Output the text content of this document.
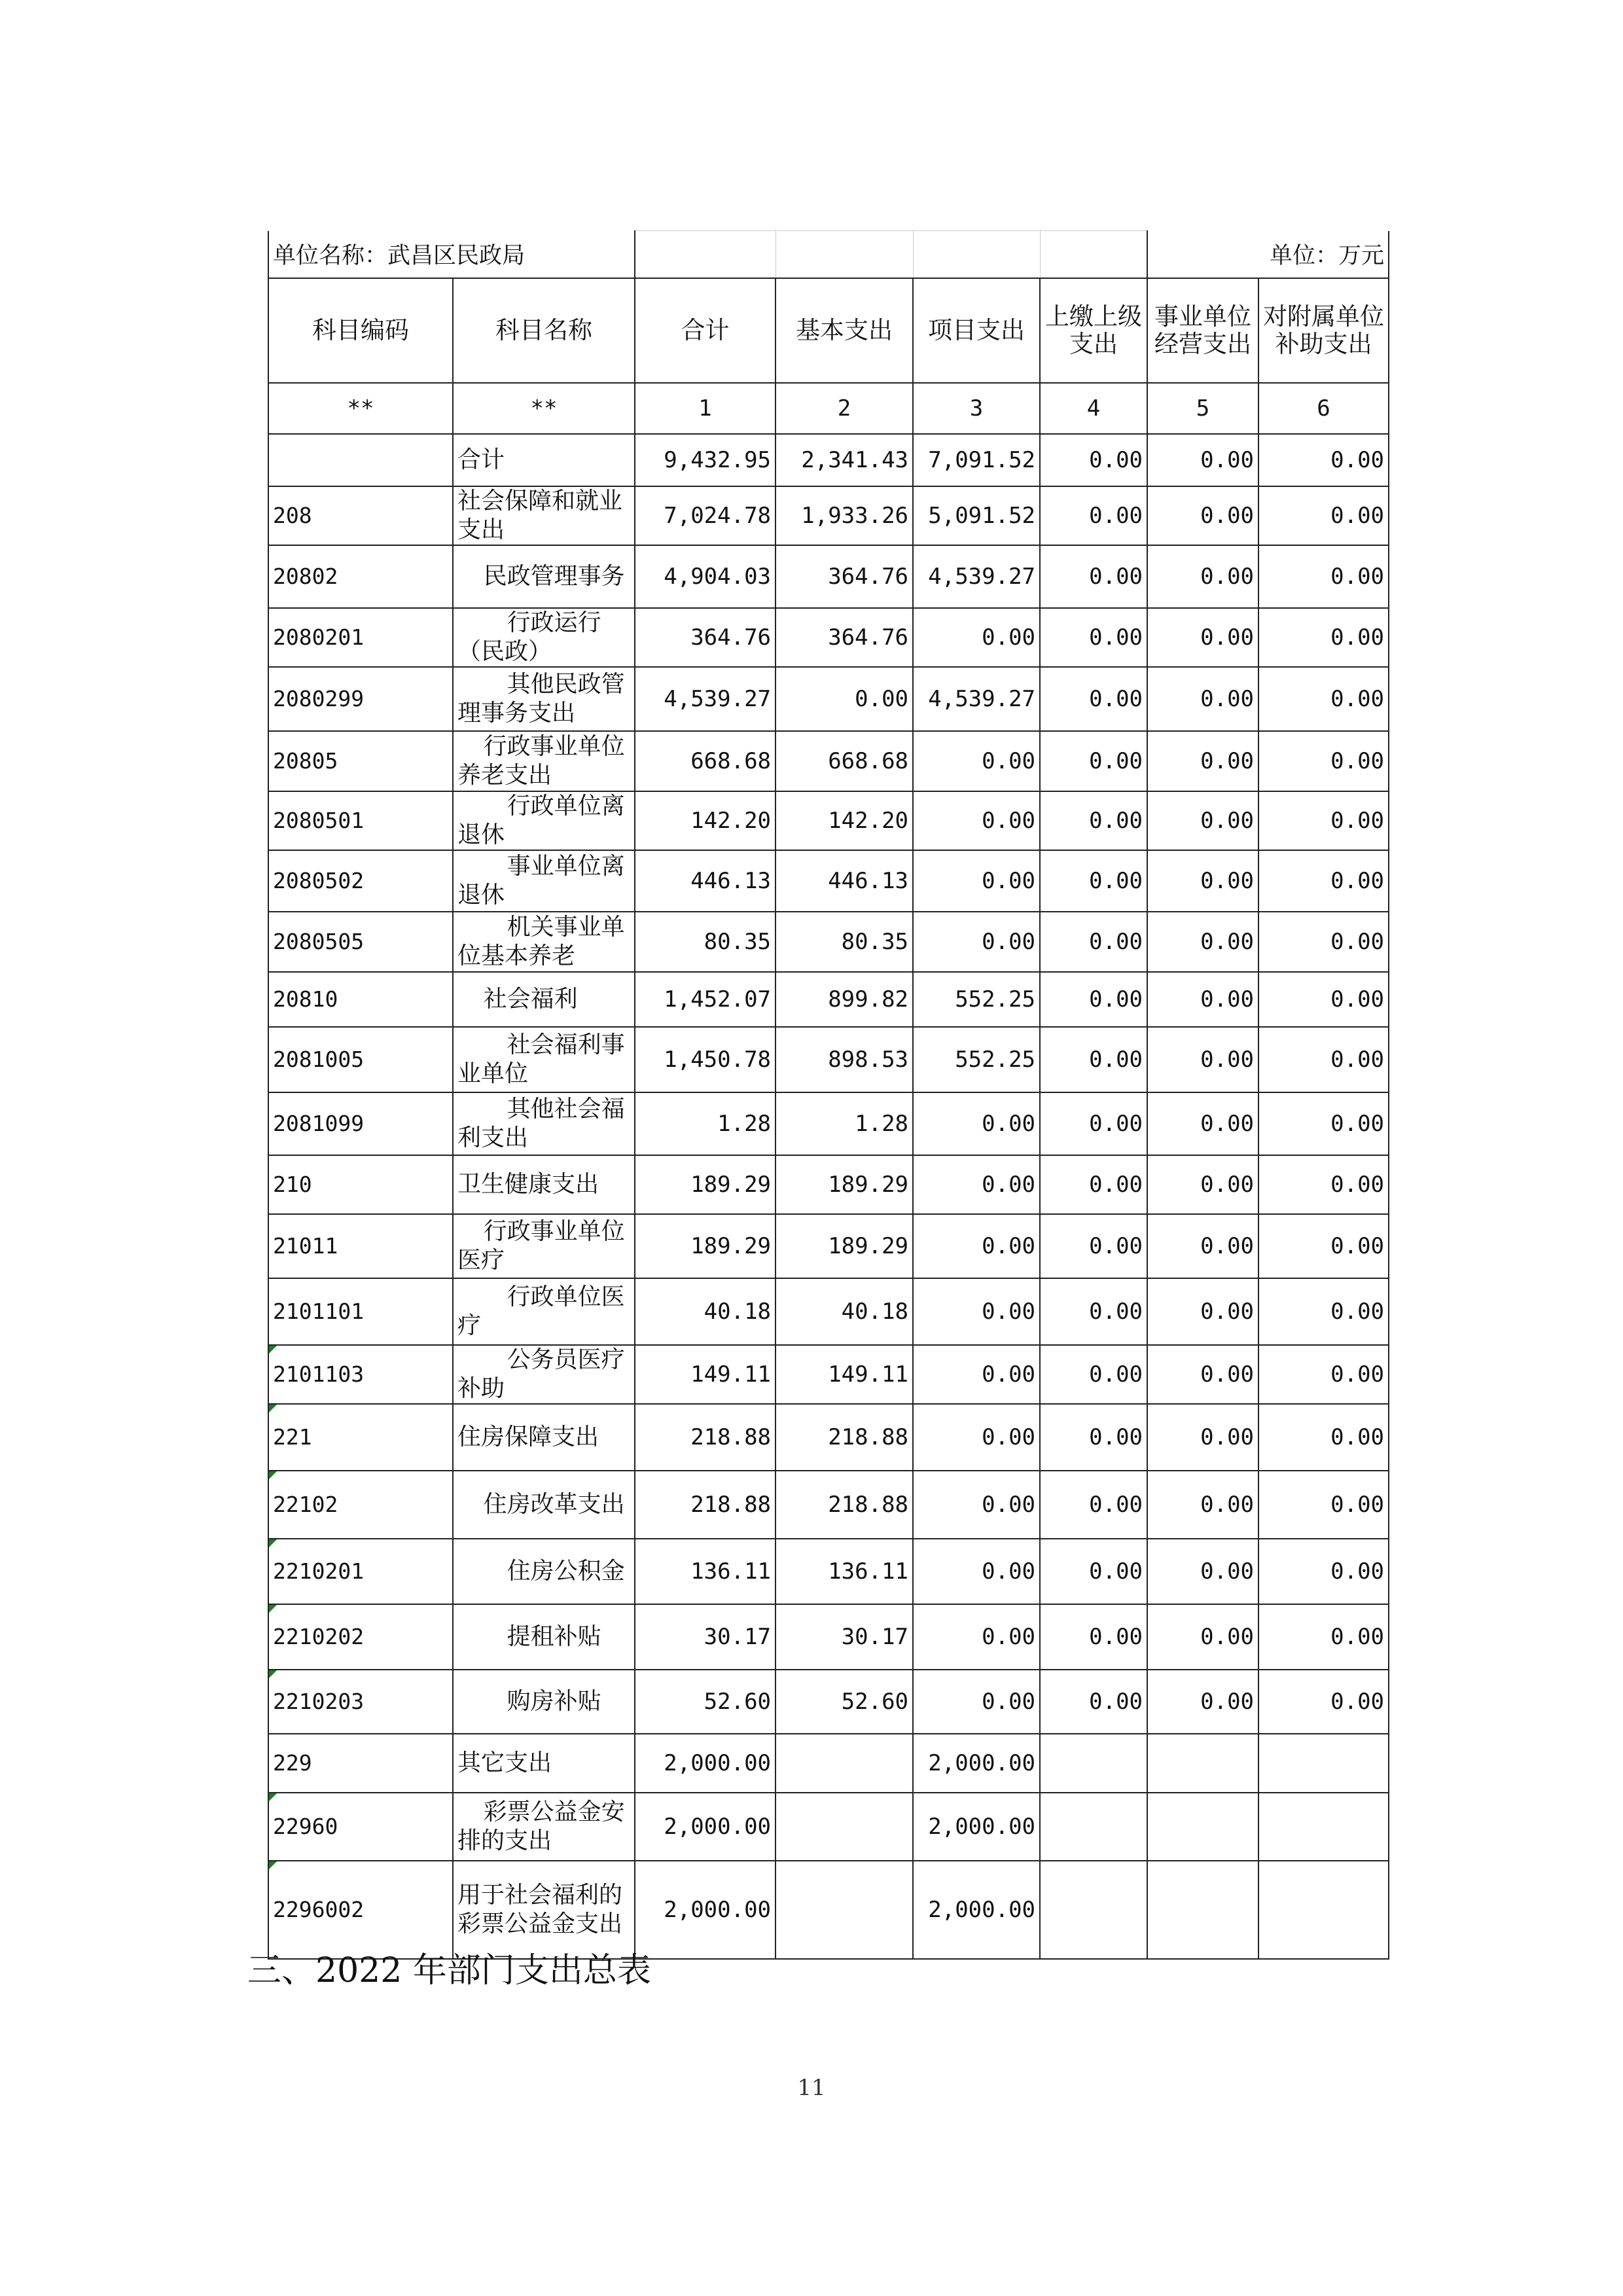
单位名称：武昌区民政局						单位：万元	
科目编码	科目名称	合计	基本支出	项目支出	上缴上级支出	事业单位经营支出	对附属单位补助支出
**	**	1	2	3	4	5	6
	合计	9,432.95	2,341.43	7,091.52	0.00	0.00	0.00
208	社会保障和就业支出	7,024.78	1,933.26	5,091.52	0.00	0.00	0.00
20802	民政管理事务	4,904.03	364.76	4,539.27	0.00	0.00	0.00
2080201	行政运行（民政）	364.76	364.76	0.00	0.00	0.00	0.00
2080299	其他民政管理事务支出	4,539.27	0.00	4,539.27	0.00	0.00	0.00
20805	行政事业单位养老支出	668.68	668.68	0.00	0.00	0.00	0.00
2080501	行政单位离退休	142.20	142.20	0.00	0.00	0.00	0.00
2080502	事业单位离退休	446.13	446.13	0.00	0.00	0.00	0.00
2080505	机关事业单位基本养老	80.35	80.35	0.00	0.00	0.00	0.00
20810	社会福利	1,452.07	899.82	552.25	0.00	0.00	0.00
2081005	社会福利事业单位	1,450.78	898.53	552.25	0.00	0.00	0.00
2081099	其他社会福利支出	1.28	1.28	0.00	0.00	0.00	0.00
210	卫生健康支出	189.29	189.29	0.00	0.00	0.00	0.00
21011	行政事业单位医疗	189.29	189.29	0.00	0.00	0.00	0.00
2101101	行政单位医疗	40.18	40.18	0.00	0.00	0.00	0.00
2101103	公务员医疗补助	149.11	149.11	0.00	0.00	0.00	0.00
221	住房保障支出	218.88	218.88	0.00	0.00	0.00	0.00
22102	住房改革支出	218.88	218.88	0.00	0.00	0.00	0.00
2210201	住房公积金	136.11	136.11	0.00	0.00	0.00	0.00
2210202	提租补贴	30.17	30.17	0.00	0.00	0.00	0.00
2210203	购房补贴	52.60	52.60	0.00	0.00	0.00	0.00
229	其它支出	2,000.00		2,000.00			
22960	彩票公益金安排的支出	2,000.00		2,000.00			
2296002	用于社会福利的彩票公益金支出	2,000.00		2,000.00			
三、2022 年部门支出总表
11
